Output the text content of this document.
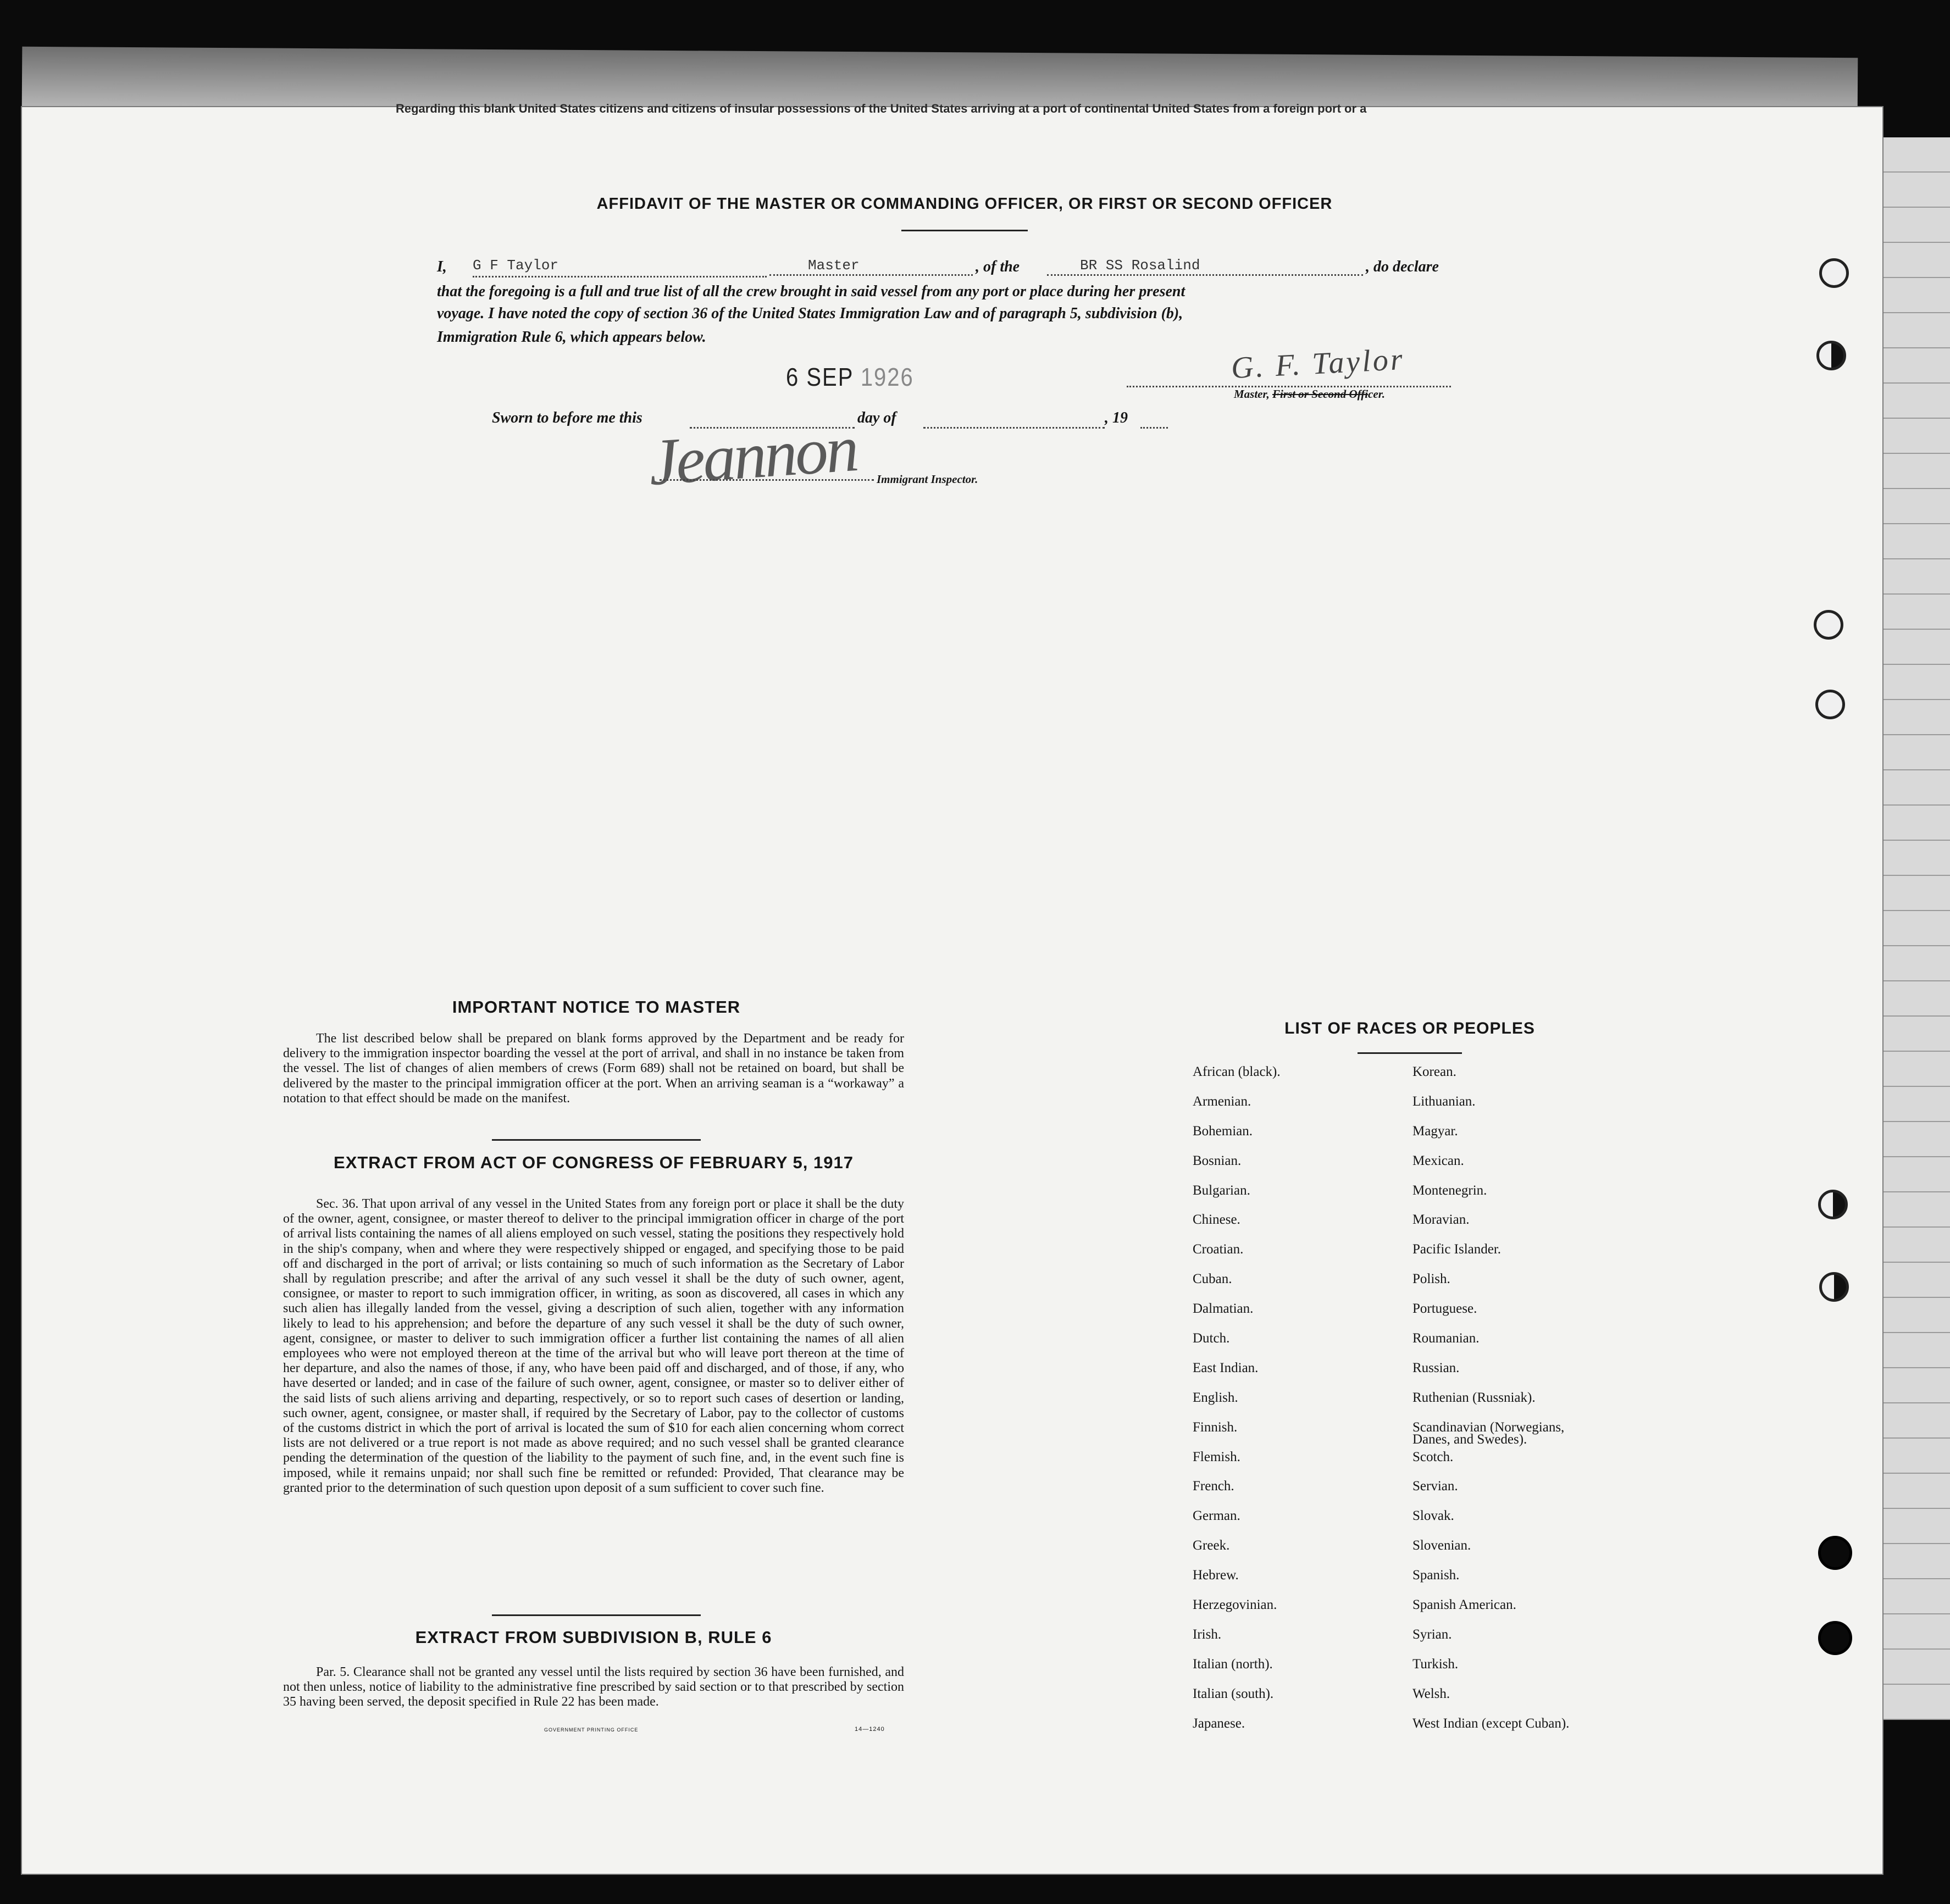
Regarding this blank United States citizens and citizens of insular possessions of the United States arriving at a port of continental United States from a foreign port or a
AFFIDAVIT OF THE MASTER OR COMMANDING OFFICER, OR FIRST OR SECOND OFFICER
I, G F Taylor	Master	, of the	BR SS Rosalind	, do declare
that the foregoing is a full and true list of all the crew brought in said vessel from any port or place during her present
voyage. I have noted the copy of section 36 of the United States Immigration Law and of paragraph 5, subdivision (b),
Immigration Rule 6, which appears below.
6 SEP 1926	G. F. Taylor
Master, First or Second Officer.
Sworn to before me this	day of	, 19
Jeannon Immigrant Inspector.
IMPORTANT NOTICE TO MASTER
The list described below shall be prepared on blank forms approved by the Department and be ready for delivery to the immigration inspector boarding the vessel at the port of arrival, and shall in no instance be taken from the vessel. The list of changes of alien members of crews (Form 689) shall not be retained on board, but shall be delivered by the master to the principal immigration officer at the port. When an arriving seaman is a “workaway” a notation to that effect should be made on the manifest.
EXTRACT FROM ACT OF CONGRESS OF FEBRUARY 5, 1917
Sec. 36. That upon arrival of any vessel in the United States from any foreign port or place it shall be the duty of the owner, agent, consignee, or master thereof to deliver to the principal immigration officer in charge of the port of arrival lists containing the names of all aliens employed on such vessel, stating the positions they respectively hold in the ship's company, when and where they were respectively shipped or engaged, and specifying those to be paid off and discharged in the port of arrival; or lists containing so much of such information as the Secretary of Labor shall by regulation prescribe; and after the arrival of any such vessel it shall be the duty of such owner, agent, consignee, or master to report to such immigration officer, in writing, as soon as discovered, all cases in which any such alien has illegally landed from the vessel, giving a description of such alien, together with any information likely to lead to his apprehension; and before the departure of any such vessel it shall be the duty of such owner, agent, consignee, or master to deliver to such immigration officer a further list containing the names of all alien employees who were not employed thereon at the time of the arrival but who will leave port thereon at the time of her departure, and also the names of those, if any, who have been paid off and discharged, and of those, if any, who have deserted or landed; and in case of the failure of such owner, agent, consignee, or master so to deliver either of the said lists of such aliens arriving and departing, respectively, or so to report such cases of desertion or landing, such owner, agent, consignee, or master shall, if required by the Secretary of Labor, pay to the collector of customs of the customs district in which the port of arrival is located the sum of $10 for each alien concerning whom correct lists are not delivered or a true report is not made as above required; and no such vessel shall be granted clearance pending the determination of the question of the liability to the payment of such fine, and, in the event such fine is imposed, while it remains unpaid; nor shall such fine be remitted or refunded: Provided, That clearance may be granted prior to the determination of such question upon deposit of a sum sufficient to cover such fine.
EXTRACT FROM SUBDIVISION B, RULE 6
Par. 5. Clearance shall not be granted any vessel until the lists required by section 36 have been furnished, and not then unless, notice of liability to the administrative fine prescribed by said section or to that prescribed by section 35 having been served, the deposit specified in Rule 22 has been made.
GOVERNMENT PRINTING OFFICE	14—1240
LIST OF RACES OR PEOPLES
African (black).	Korean.
Armenian.	Lithuanian.
Bohemian.	Magyar.
Bosnian.	Mexican.
Bulgarian.	Montenegrin.
Chinese.	Moravian.
Croatian.	Pacific Islander.
Cuban.	Polish.
Dalmatian.	Portuguese.
Dutch.	Roumanian.
East Indian.	Russian.
English.	Ruthenian (Russniak).
Finnish.	Scandinavian (Norwegians,
Danes, and Swedes).
Flemish.	Scotch.
French.	Servian.
German.	Slovak.
Greek.	Slovenian.
Hebrew.	Spanish.
Herzegovinian.	Spanish American.
Irish.	Syrian.
Italian (north).	Turkish.
Italian (south).	Welsh.
Japanese.	West Indian (except Cuban).
